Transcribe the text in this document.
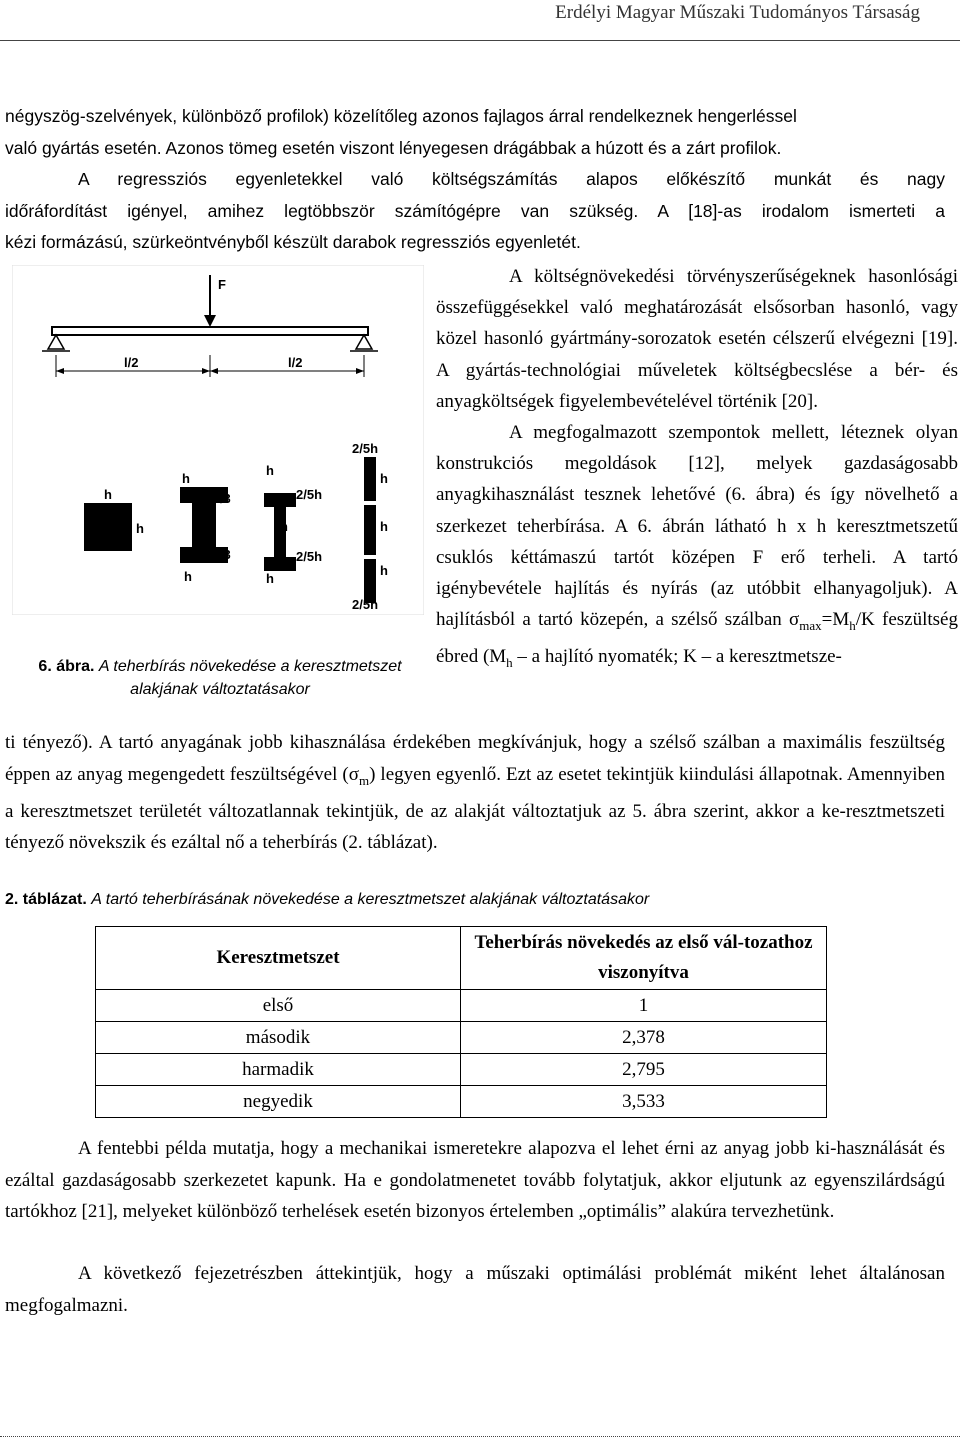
Erdélyi Magyar Műszaki Tudományos Társaság
négyszög-szelvények, különböző profilok) közelítőleg azonos fajlagos árral rendelkeznek hengerléssel
való gyártás esetén. Azonos tömeg esetén viszont lényegesen drágábbak a húzott és a zárt profilok.
A regressziós egyenletekkel való költségszámítás alapos előkészítő munkát és nagy
időráfordítást igényel, amihez legtöbbször számítógépre van szükség. A [18]-as irodalom ismerteti a
kézi formázású, szürkeöntvényből készült darabok regressziós egyenletét.
F
l/2	l/2
h
h
h
h/3
h
h/3
h
h
2/5h
h
2/5h
h
2/5h
h
h
h
2/5h
h
6. ábra. A teherbírás növekedése a keresztmetszet
alakjának változtatásakor
A költségnövekedési törvényszerűségeknek hasonlósági összefüggésekkel való meghatározását elsősorban hasonló, vagy közel hasonló gyártmány-sorozatok esetén célszerű elvégezni [19]. A gyártás-technológiai műveletek költségbecslése a bér- és anyagköltségek figyelembevételével történik [20].
A megfogalmazott szempontok mellett, léteznek olyan konstrukciós megoldások [12], melyek gazdaságosabb anyagkihasználást tesznek lehetővé (6. ábra) és így növelhető a szerkezet teherbírása. A 6. ábrán látható h x h keresztmetszetű csuklós kéttámaszú tartót középen F erő terheli. A tartó igénybevétele hajlítás és nyírás (az utóbbit elhanyagoljuk). A hajlításból a tartó közepén, a szélső szálban $\sigma_{max}=M_h/K$ feszültség ébred ($M_h$ – a hajlító nyomaték; K – a keresztmetsze-
ti tényező). A tartó anyagának jobb kihasználása érdekében megkívánjuk, hogy a szélső szálban a maximális feszültség éppen az anyag megengedett feszültségével $(\sigma_m)$ legyen egyenlő. Ezt az esetet tekintjük kiindulási állapotnak. Amennyiben a keresztmetszet területét változatlannak tekintjük, de az alakját változtatjuk az 5. ábra szerint, akkor a ke-resztmetszeti tényező növekszik és ezáltal nő a teherbírás (2. táblázat).
2. táblázat. A tartó teherbírásának növekedése a keresztmetszet alakjának változtatásakor
Keresztmetszet	Teherbírás növekedés az első vál-tozathoz viszonyítva
első	1
második	2,378
harmadik	2,795
negyedik	3,533
A fentebbi példa mutatja, hogy a mechanikai ismeretekre alapozva el lehet érni az anyag jobb ki-használását és ezáltal gazdaságosabb szerkezetet kapunk. Ha e gondolatmenetet tovább folytatjuk, akkor eljutunk az egyenszilárdságú tartókhoz [21], melyeket különböző terhelések esetén bizonyos értelemben „optimális” alakúra tervezhetünk.
A következő fejezetrészben áttekintjük, hogy a műszaki optimálási problémát miként lehet általánosan megfogalmazni.
